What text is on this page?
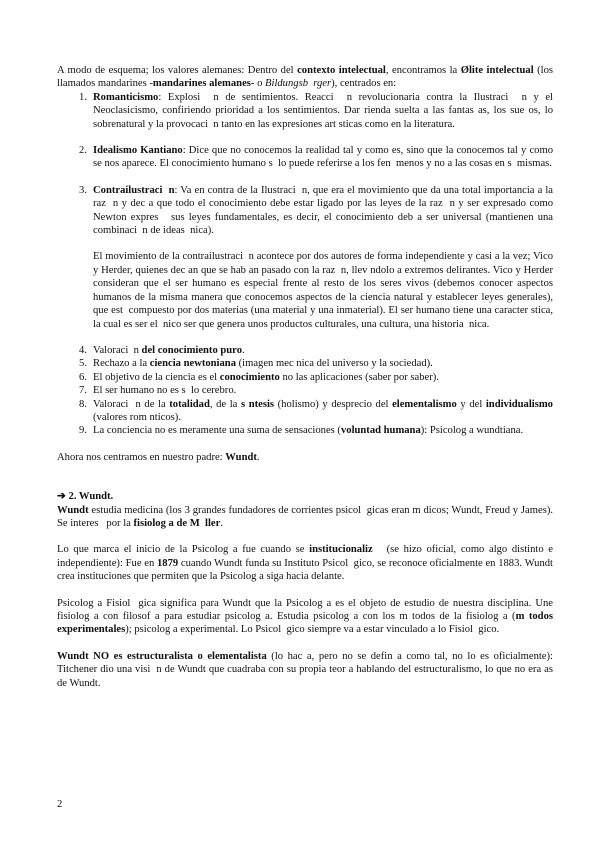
A modo de esquema; los valores alemanes: Dentro del contexto intelectual, encontramos la Ølite intelectual (los llamados mandarines -mandarines alemanes- o Bildungsb  rger), centrados en:
1. Romanticismo: Explosi  n de sentimientos. Reacci  n revolucionaria contra la Ilustraci  n y el Neoclasicismo, confiriendo prioridad a los sentimientos. Dar rienda suelta a las fantas as, los sue os, lo sobrenatural y la provocaci  n tanto en las expresiones art sticas como en la literatura.
2. Idealismo Kantiano: Dice que no conocemos la realidad tal y como es, sino que la conocemos tal y como se nos aparece. El conocimiento humano s  lo puede referirse a los fen  menos y no a las cosas en s  mismas.
3. Contrailustraci  n: Va en contra de la Ilustraci  n, que era el movimiento que da una total importancia a la raz  n y dec a que todo el conocimiento debe estar ligado por las leyes de la raz  n y ser expresado como Newton expres   sus leyes fundamentales, es decir, el conocimiento deb a ser universal (mantienen una combinaci  n de ideas  nica).
El movimiento de la contrailustraci  n acontece por dos autores de forma independiente y casi a la vez; Vico y Herder, quienes dec an que se hab an pasado con la raz  n, llev ndolo a extremos delirantes. Vico y Herder consideran que el ser humano es especial frente al resto de los seres vivos (debemos conocer aspectos humanos de la misma manera que conocemos aspectos de la ciencia natural y establecer leyes generales), que est  compuesto por dos materias (una material y una inmaterial). El ser humano tiene una caracter stica, la cual es ser el  nico ser que genera unos productos culturales, una cultura, una historia  nica.
4. Valoraci  n del conocimiento puro.
5. Rechazo a la ciencia newtoniana (imagen mec nica del universo y la sociedad).
6. El objetivo de la ciencia es el conocimiento no las aplicaciones (saber por saber).
7. El ser humano no es s  lo cerebro.
8. Valoraci  n de la totalidad, de la s ntesis (holismo) y desprecio del elementalismo y del individualismo (valores rom nticos).
9. La conciencia no es meramente una suma de sensaciones (voluntad humana): Psicolog a wundtiana.
Ahora nos centramos en nuestro padre: Wundt.
➔ 2. Wundt.
Wundt estudia medicina (los 3 grandes fundadores de corrientes psicol  gicas eran m dicos; Wundt, Freud y James). Se interes   por la fisiolog a de M  ller.
Lo que marca el inicio de la Psicolog a fue cuando se institucionaliz   (se hizo oficial, como algo distinto e independiente): Fue en 1879 cuando Wundt funda su Instituto Psicol  gico, se reconoce oficialmente en 1883. Wundt crea instituciones que permiten que la Psicolog a siga hacia delante.
Psicolog a Fisiol  gica significa para Wundt que la Psicolog a es el objeto de estudio de nuestra disciplina. Une fisiolog a con filosof a para estudiar psicolog a. Estudia psicolog a con los m todos de la fisiolog a (m todos experimentales); psicolog a experimental. Lo Psicol  gico siempre va a estar vinculado a lo Fisiol  gico.
Wundt NO es estructuralista o elementalista (lo hac a, pero no se defin a como tal, no lo es oficialmente): Titchener dio una visi  n de Wundt que cuadraba con su propia teor a hablando del estructuralismo, lo que no era as  de Wundt.
2
